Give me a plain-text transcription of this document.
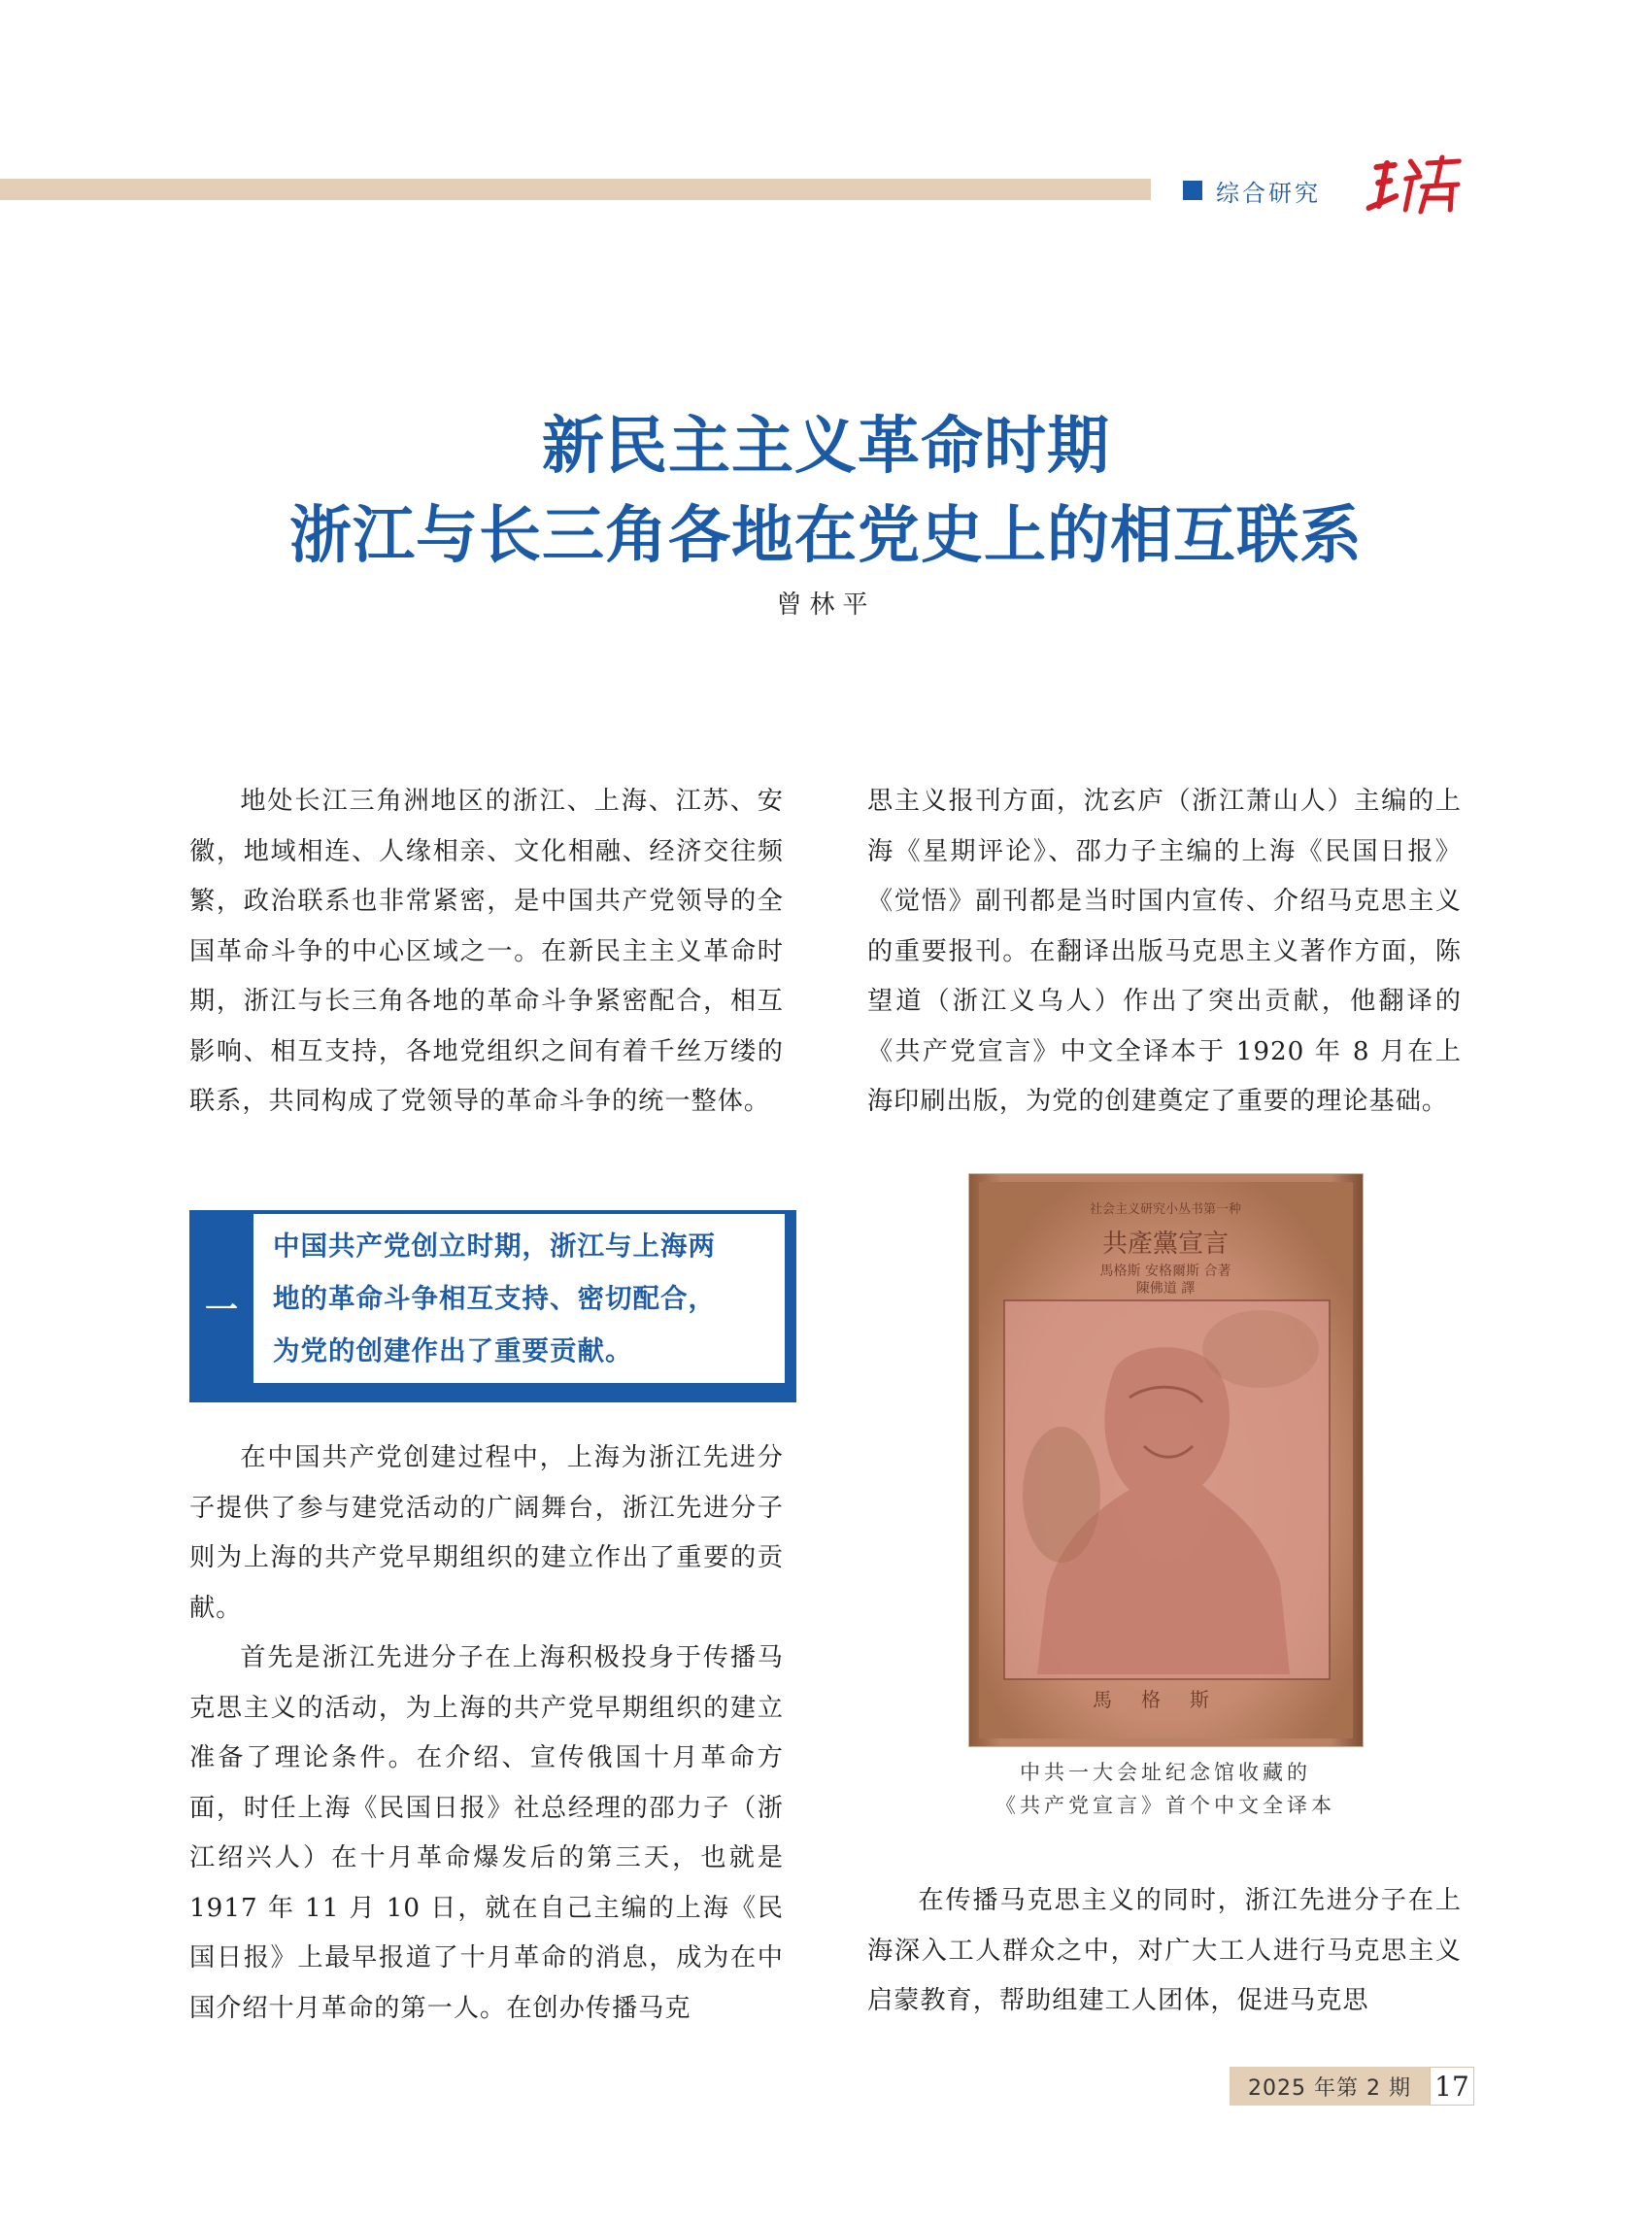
综合研究
新民主主义革命时期
浙江与长三角各地在党史上的相互联系
曾林平

地处长江三角洲地区的浙江、上海、江苏、安徽，地域相连、人缘相亲、文化相融、经济交往频繁，政治联系也非常紧密，是中国共产党领导的全国革命斗争的中心区域之一。在新民主主义革命时期，浙江与长三角各地的革命斗争紧密配合，相互影响、相互支持，各地党组织之间有着千丝万缕的联系，共同构成了党领导的革命斗争的统一整体。

一

中国共产党创立时期，浙江与上海两

地的革命斗争相互支持、密切配合，

为党的创建作出了重要贡献。

在中国共产党创建过程中，上海为浙江先进分子提供了参与建党活动的广阔舞台，浙江先进分子则为上海的共产党早期组织的建立作出了重要的贡献。

首先是浙江先进分子在上海积极投身于传播马克思主义的活动，为上海的共产党早期组织的建立准备了理论条件。在介绍、宣传俄国十月革命方面，时任上海《民国日报》社总经理的邵力子（浙江绍兴人）在十月革命爆发后的第三天，也就是 1917 年 11 月 10 日，就在自己主编的上海《民国日报》上最早报道了十月革命的消息，成为在中国介绍十月革命的第一人。在创办传播马克

思主义报刊方面，沈玄庐（浙江萧山人）主编的上海《星期评论》、邵力子主编的上海《民国日报》《觉悟》副刊都是当时国内宣传、介绍马克思主义的重要报刊。在翻译出版马克思主义著作方面，陈望道（浙江义乌人）作出了突出贡献，他翻译的《共产党宣言》中文全译本于 1920 年 8 月在上海印刷出版，为党的创建奠定了重要的理论基础。

社会主义研究小丛书第一种
共產黨宣言
馬格斯 安格爾斯 合著
陳佛道 譯
馬格斯
中共一大会址纪念馆收藏的
《共产党宣言》首个中文全译本

在传播马克思主义的同时，浙江先进分子在上海深入工人群众之中，对广大工人进行马克思主义启蒙教育，帮助组建工人团体，促进马克思

2025 年第 2 期 17
